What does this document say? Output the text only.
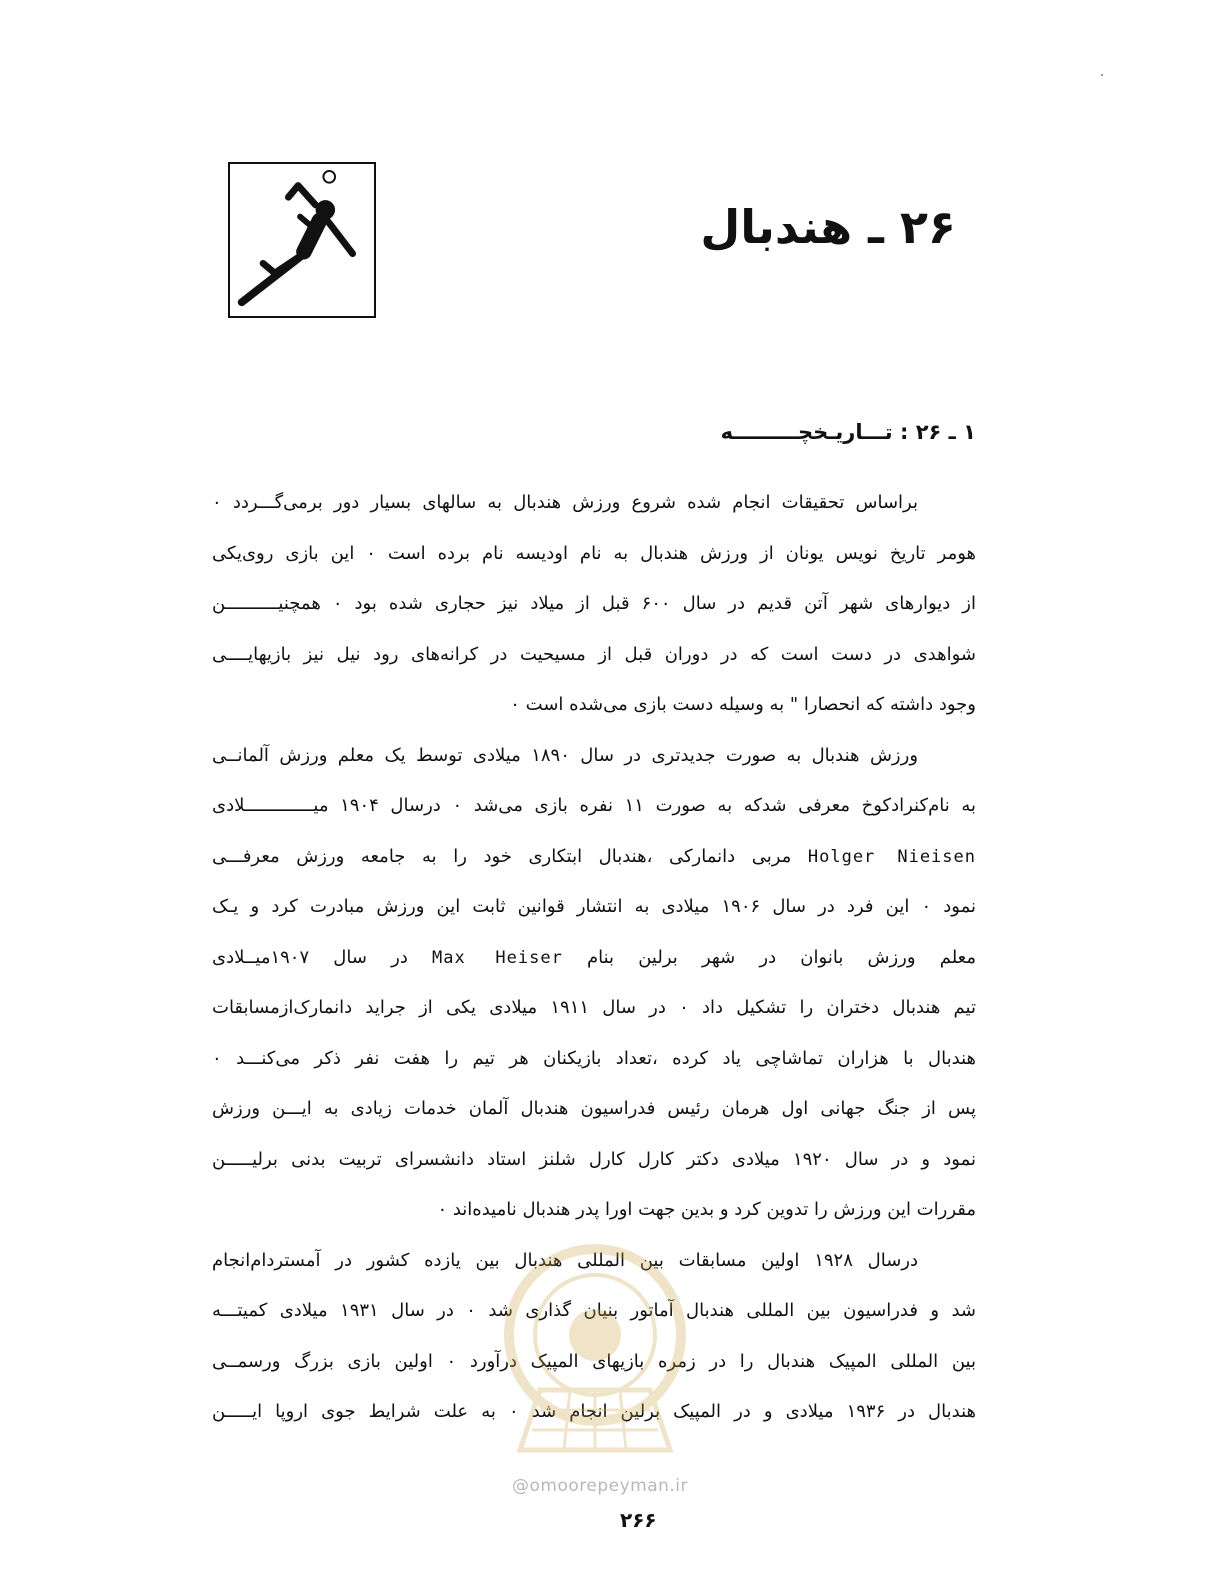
۲۶ ـ هندبال
۱ ـ ۲۶ : تـــاریـخچـــــــــه
براساس تحقیقات انجام شده شروع ورزش هندبال به سالهای بسیار دور برمی‌گـــردد ۰
هومر تاریخ نویس یونان از ورزش هندبال به نام اودیسه نام برده است ۰ این بازی روی‌یکی
از دیوارهای شهر آتن قدیم در سال ۶۰۰ قبل از میلاد نیز حجاری شده بود ۰ همچنیــــــــــن
شواهدی در دست است که در دوران قبل از مسیحیت در کرانه‌های رود نیل نیز بازیهایــــی
وجود داشته که انحصارا " به وسیله دست بازی می‌شده است ۰
ورزش هندبال به صورت جدیدتری در سال ۱۸۹۰ میلادی توسط یک معلم ورزش آلمانــی
به نام‌کنرادکوخ معرفی شدکه به صورت ۱۱ نفره بازی می‌شد ۰ درسال ۱۹۰۴ میـــــــــــــلادی
Holger Nieisen مربی دانمارکی ،هندبال ابتکاری خود را به جامعه ورزش معرفـــی
نمود ۰ این فرد در سال ۱۹۰۶ میلادی به انتشار قوانین ثابت این ورزش مبادرت کرد و یـک
معلم ورزش بانوان در شهر برلین بنام Max Heiser در سال ۱۹۰۷میــلادی
تیم هندبال دختران را تشکیل داد ۰ در سال ۱۹۱۱ میلادی یکی از جراید دانمارک‌ازمسابقات
هندبال با هزاران تماشاچی یاد کرده ،تعداد بازیکنان هر تیم را هفت نفر ذکر می‌کنـــد ۰
پس از جنگ جهانی اول هرمان رئیس فدراسیون هندبال آلمان خدمات زیادی به ایـــن ورزش
نمود و در سال ۱۹۲۰ میلادی دکتر کارل کارل شلنز استاد دانشسرای تربیت بدنی برلیـــــن
مقررات این ورزش را تدوین کرد و بدین جهت اورا پدر هندبال نامیده‌اند ۰
درسال ۱۹۲۸ اولین مسابقات بین المللی هندبال بین یازده کشور در آمستردام‌انجام
شد و فدراسیون بین المللی هندبال آماتور بنیان گذاری شد ۰ در سال ۱۹۳۱ میلادی کمیتـــه
بین المللی المپیک هندبال را در زمره بازیهای المپیک درآورد ۰ اولین بازی بزرگ ورسمــی
هندبال در ۱۹۳۶ میلادی و در المپیک برلین انجام شد ۰ به علت شرایط جوی اروپا ایـــــن
@omoorepeyman.ir
۲۶۶
